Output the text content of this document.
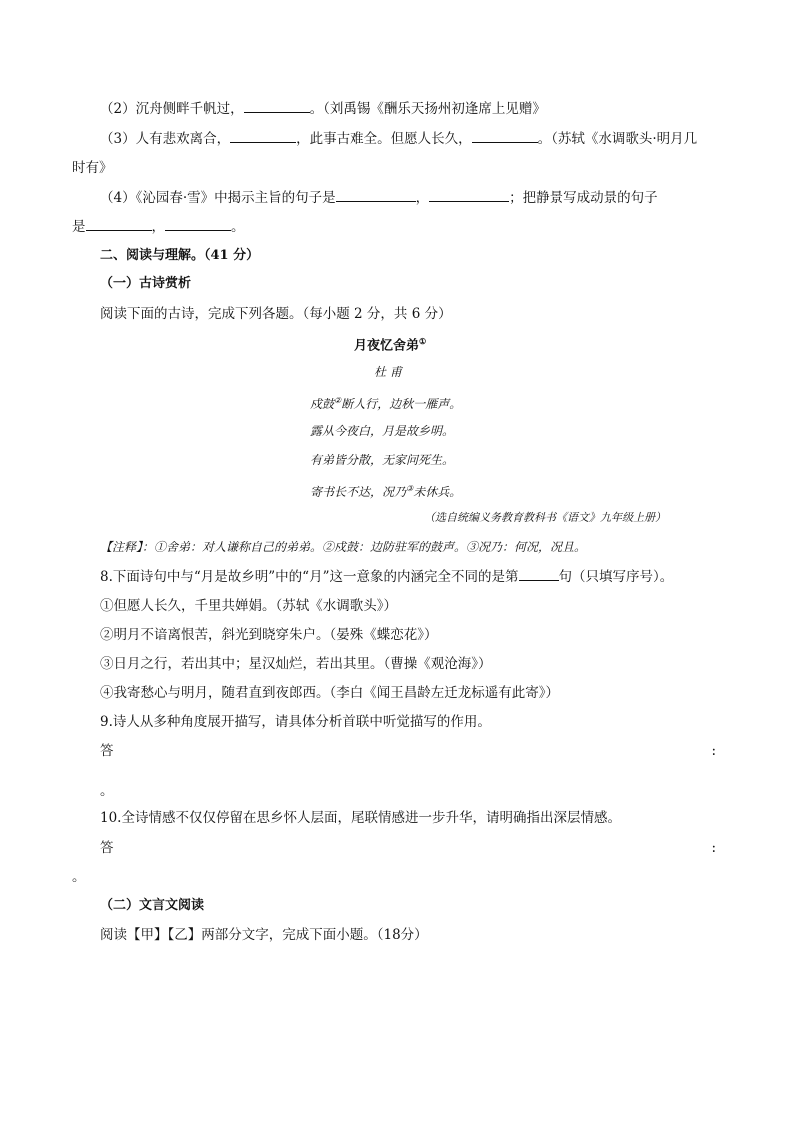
（2）沉舟侧畔千帆过，	。（刘禹锡《酬乐天扬州初逢席上见赠》
（3）人有悲欢离合，	，此事古难全。但愿人长久，	。（苏轼《水调歌头·明月几
时有》
（4）《沁园春·雪》中揭示主旨的句子是	，	；把静景写成动景的句子
是	，	。
二、阅读与理解。（41 分）
（一）古诗赏析
阅读下面的古诗，完成下列各题。（每小题 2 分，共 6 分）
月夜忆舍弟①
杜 甫
戍鼓②断人行，边秋一雁声。
露从今夜白，月是故乡明。
有弟皆分散，无家问死生。
寄书长不达，况乃③未休兵。
（选自统编义务教育教科书《语文》九年级上册）
【注释】：①舍弟：对人谦称自己的弟弟。②戍鼓：边防驻军的鼓声。③况乃：何况，况且。
8.下面诗句中与“月是故乡明”中的“月”这一意象的内涵完全不同的是第	句（只填写序号）。
①但愿人长久，千里共婵娟。（苏轼《水调歌头》）
②明月不谙离恨苦，斜光到晓穿朱户。（晏殊《蝶恋花》）
③日月之行，若出其中；星汉灿烂，若出其里。（曹操《观沧海》）
④我寄愁心与明月，随君直到夜郎西。（李白《闻王昌龄左迁龙标遥有此寄》）
9.诗人从多种角度展开描写，请具体分析首联中听觉描写的作用。
答	:
。
10.全诗情感不仅仅停留在思乡怀人层面，尾联情感进一步升华，请明确指出深层情感。
答	:
。
（二）文言文阅读
阅读【甲】【乙】两部分文字，完成下面小题。（18分）
